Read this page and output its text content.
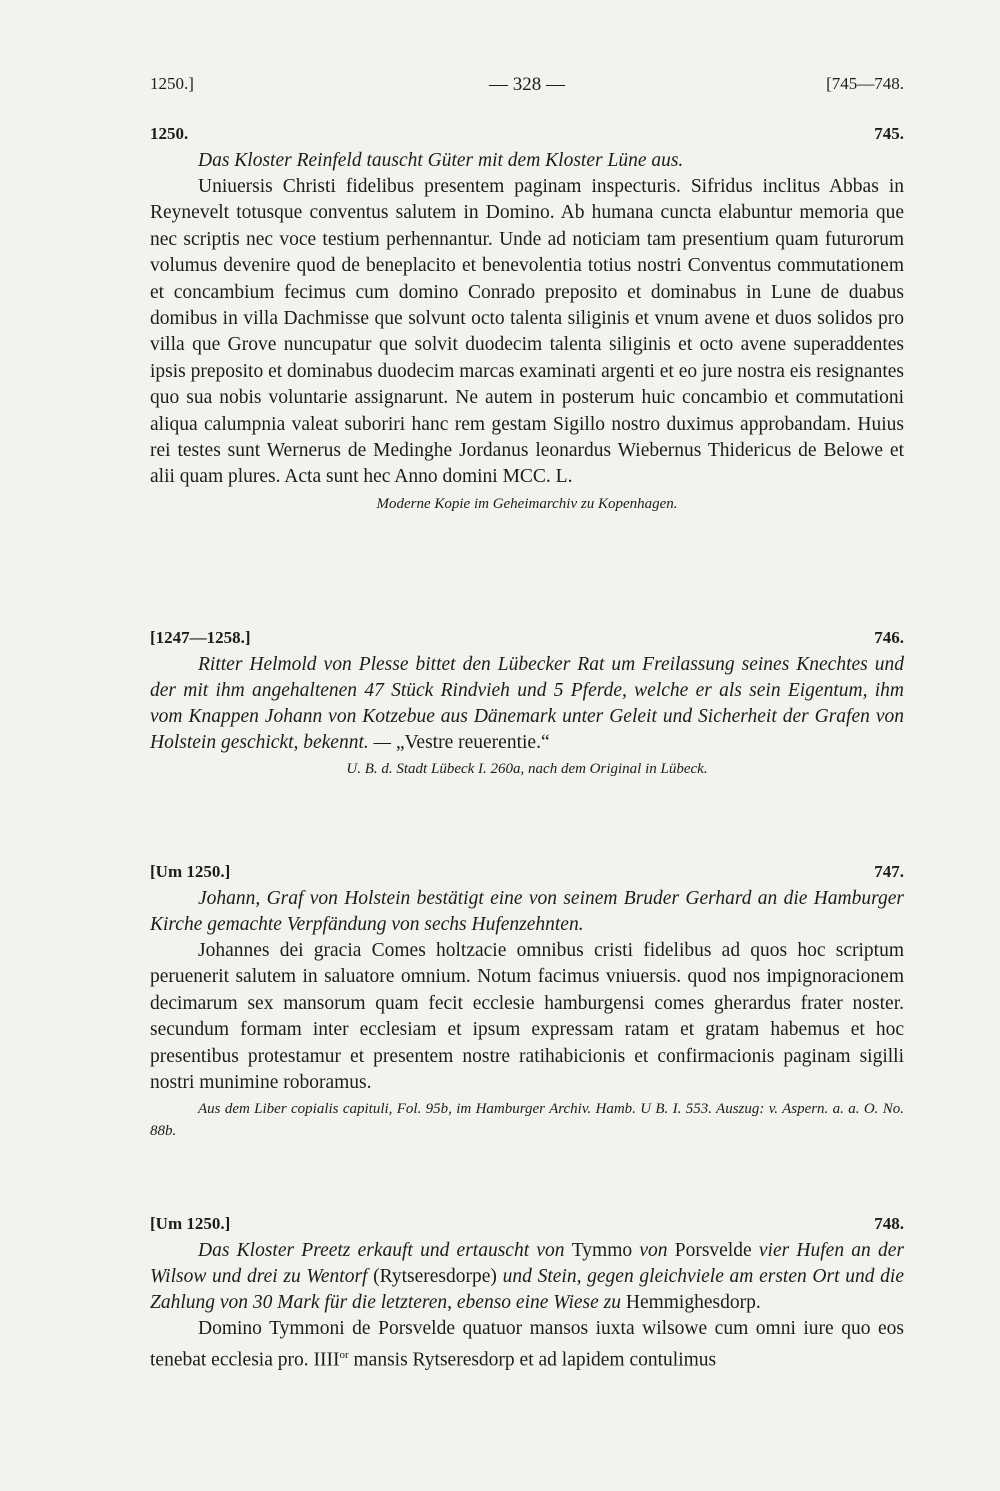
1250.]	— 328 —	[745—748.
1250.	745.

Das Kloster Reinfeld tauscht Güter mit dem Kloster Lüne aus.

Uniuersis Christi fidelibus presentem paginam inspecturis. Sifridus inclitus Abbas in Reynevelt totusque conventus salutem in Domino. Ab humana cuncta elabuntur memoria que nec scriptis nec voce testium perhennantur. Unde ad noticiam tam presentium quam futurorum volumus devenire quod de beneplacito et benevolentia totius nostri Conventus commutationem et concambium fecimus cum domino Conrado preposito et dominabus in Lune de duabus domibus in villa Dachmisse que solvunt octo talenta siliginis et vnum avene et duos solidos pro villa que Grove nuncupatur que solvit duodecim talenta siliginis et octo avene superaddentes ipsis preposito et dominabus duodecim marcas examinati argenti et eo jure nostra eis resignantes quo sua nobis voluntarie assignarunt. Ne autem in posterum huic concambio et commutationi aliqua calumpnia valeat suboriri hanc rem gestam Sigillo nostro duximus approbandam. Huius rei testes sunt Wernerus de Medinghe Jordanus leonardus Wiebernus Thidericus de Belowe et alii quam plures. Acta sunt hec Anno domini MCC. L.

Moderne Kopie im Geheimarchiv zu Kopenhagen.

[1247—1258.]	746.

Ritter Helmold von Plesse bittet den Lübecker Rat um Freilassung seines Knechtes und der mit ihm angehaltenen 47 Stück Rindvieh und 5 Pferde, welche er als sein Eigentum, ihm vom Knappen Johann von Kotzebue aus Dänemark unter Geleit und Sicherheit der Grafen von Holstein geschickt, bekennt. — „Vestre reuerentie.“

U. B. d. Stadt Lübeck I. 260a, nach dem Original in Lübeck.

[Um 1250.]	747.

Johann, Graf von Holstein bestätigt eine von seinem Bruder Gerhard an die Hamburger Kirche gemachte Verpfändung von sechs Hufenzehnten.

Johannes dei gracia Comes holtzacie omnibus cristi fidelibus ad quos hoc scriptum peruenerit salutem in saluatore omnium. Notum facimus vniuersis. quod nos impignoracionem decimarum sex mansorum quam fecit ecclesie hamburgensi comes gherardus frater noster. secundum formam inter ecclesiam et ipsum expressam ratam et gratam habemus et hoc presentibus protestamur et presentem nostre ratihabicionis et confirmacionis paginam sigilli nostri munimine roboramus.

Aus dem Liber copialis capituli, Fol. 95b, im Hamburger Archiv. Hamb. U B. I. 553. Auszug: v. Aspern. a. a. O. No. 88b.

[Um 1250.]	748.

Das Kloster Preetz erkauft und ertauscht von Tymmo von Porsvelde vier Hufen an der Wilsow und drei zu Wentorf (Rytseresdorpe) und Stein, gegen gleichviele am ersten Ort und die Zahlung von 30 Mark für die letzteren, ebenso eine Wiese zu Hemmighesdorp.

Domino Tymmoni de Porsvelde quatuor mansos iuxta wilsowe cum omni iure quo eos tenebat ecclesia pro. $IIII^{or}$ mansis Rytseresdorp et ad lapidem contulimus
